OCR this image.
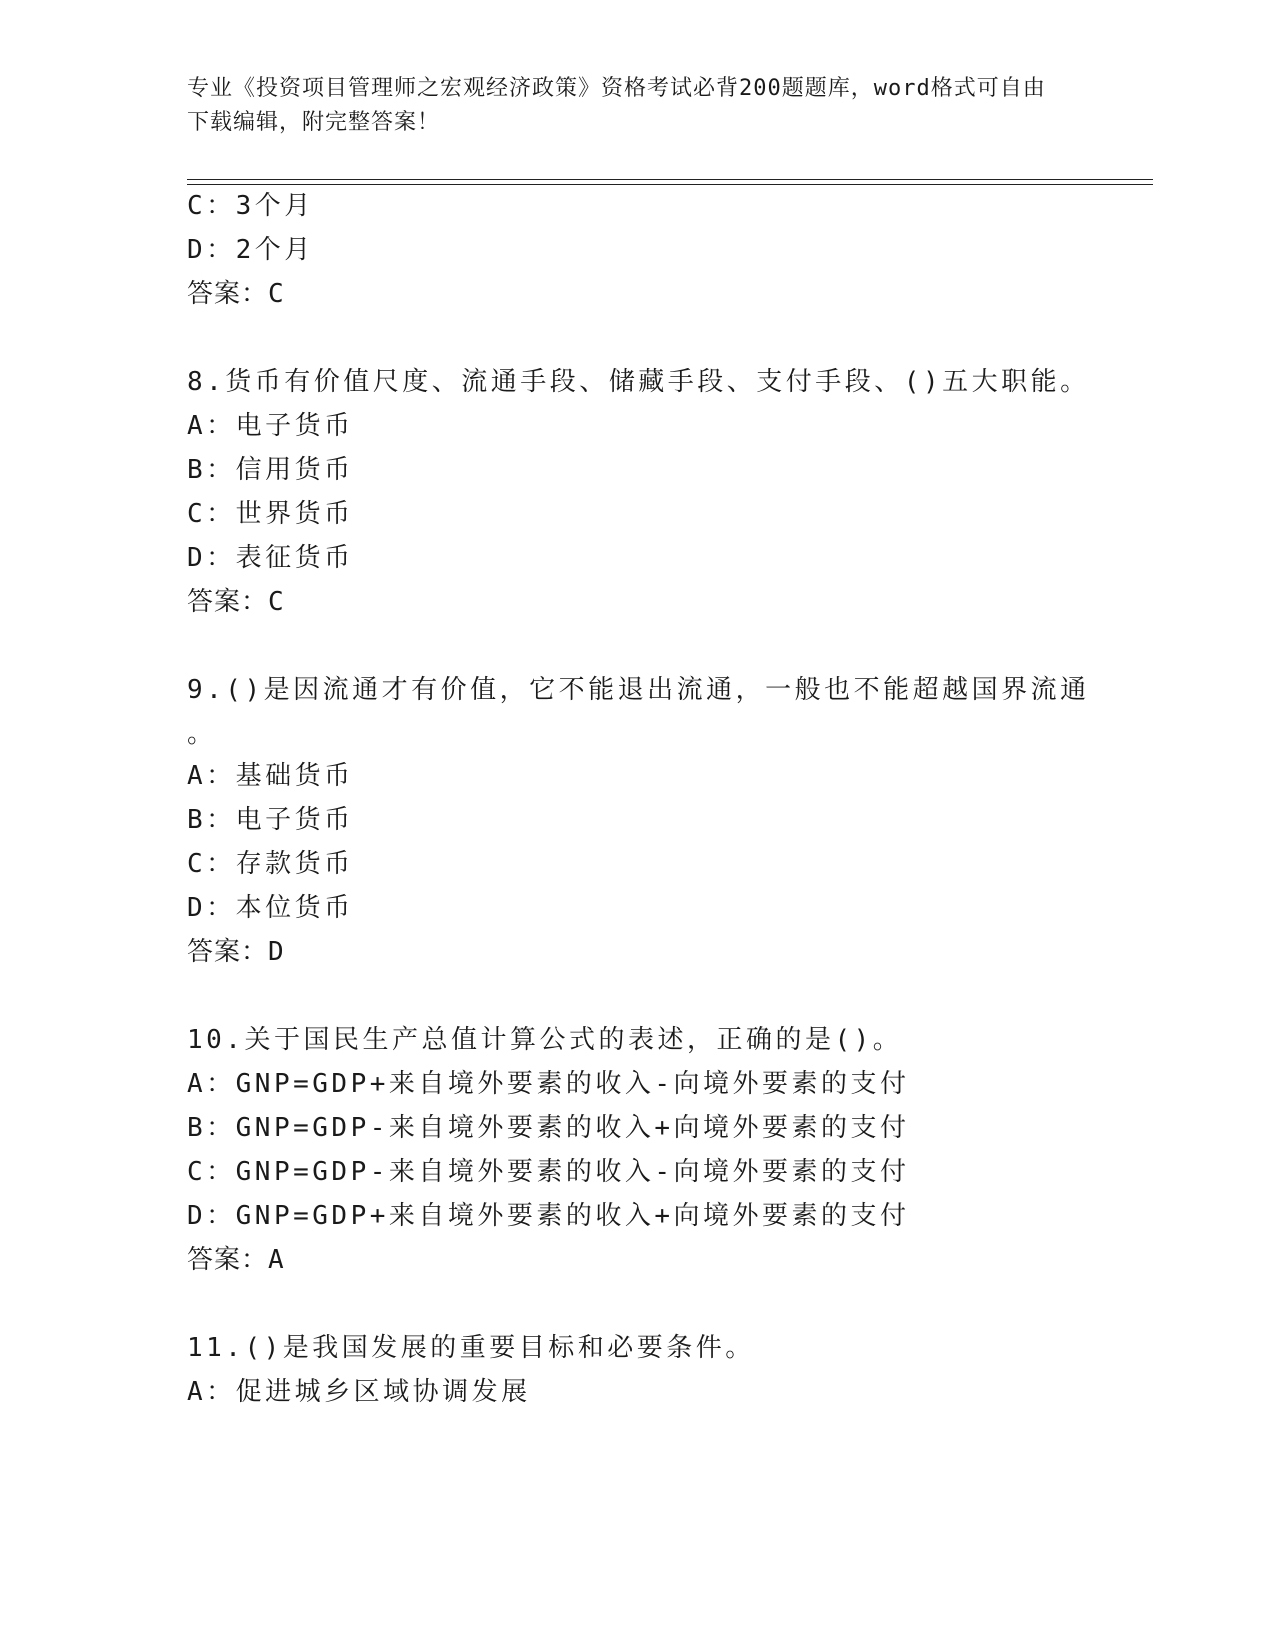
专业《投资项目管理师之宏观经济政策》资格考试必背200题题库，word格式可自由下载编辑，附完整答案！

C：3个月

D：2个月

答案：C

8.货币有价值尺度、流通手段、储藏手段、支付手段、()五大职能。

A：电子货币

B：信用货币

C：世界货币

D：表征货币

答案：C

9.()是因流通才有价值，它不能退出流通，一般也不能超越国界流通

。

A：基础货币

B：电子货币

C：存款货币

D：本位货币

答案：D

10.关于国民生产总值计算公式的表述，正确的是()。

A：GNP=GDP+来自境外要素的收入-向境外要素的支付

B：GNP=GDP-来自境外要素的收入+向境外要素的支付

C：GNP=GDP-来自境外要素的收入-向境外要素的支付

D：GNP=GDP+来自境外要素的收入+向境外要素的支付

答案：A

11.()是我国发展的重要目标和必要条件。

A：促进城乡区域协调发展
